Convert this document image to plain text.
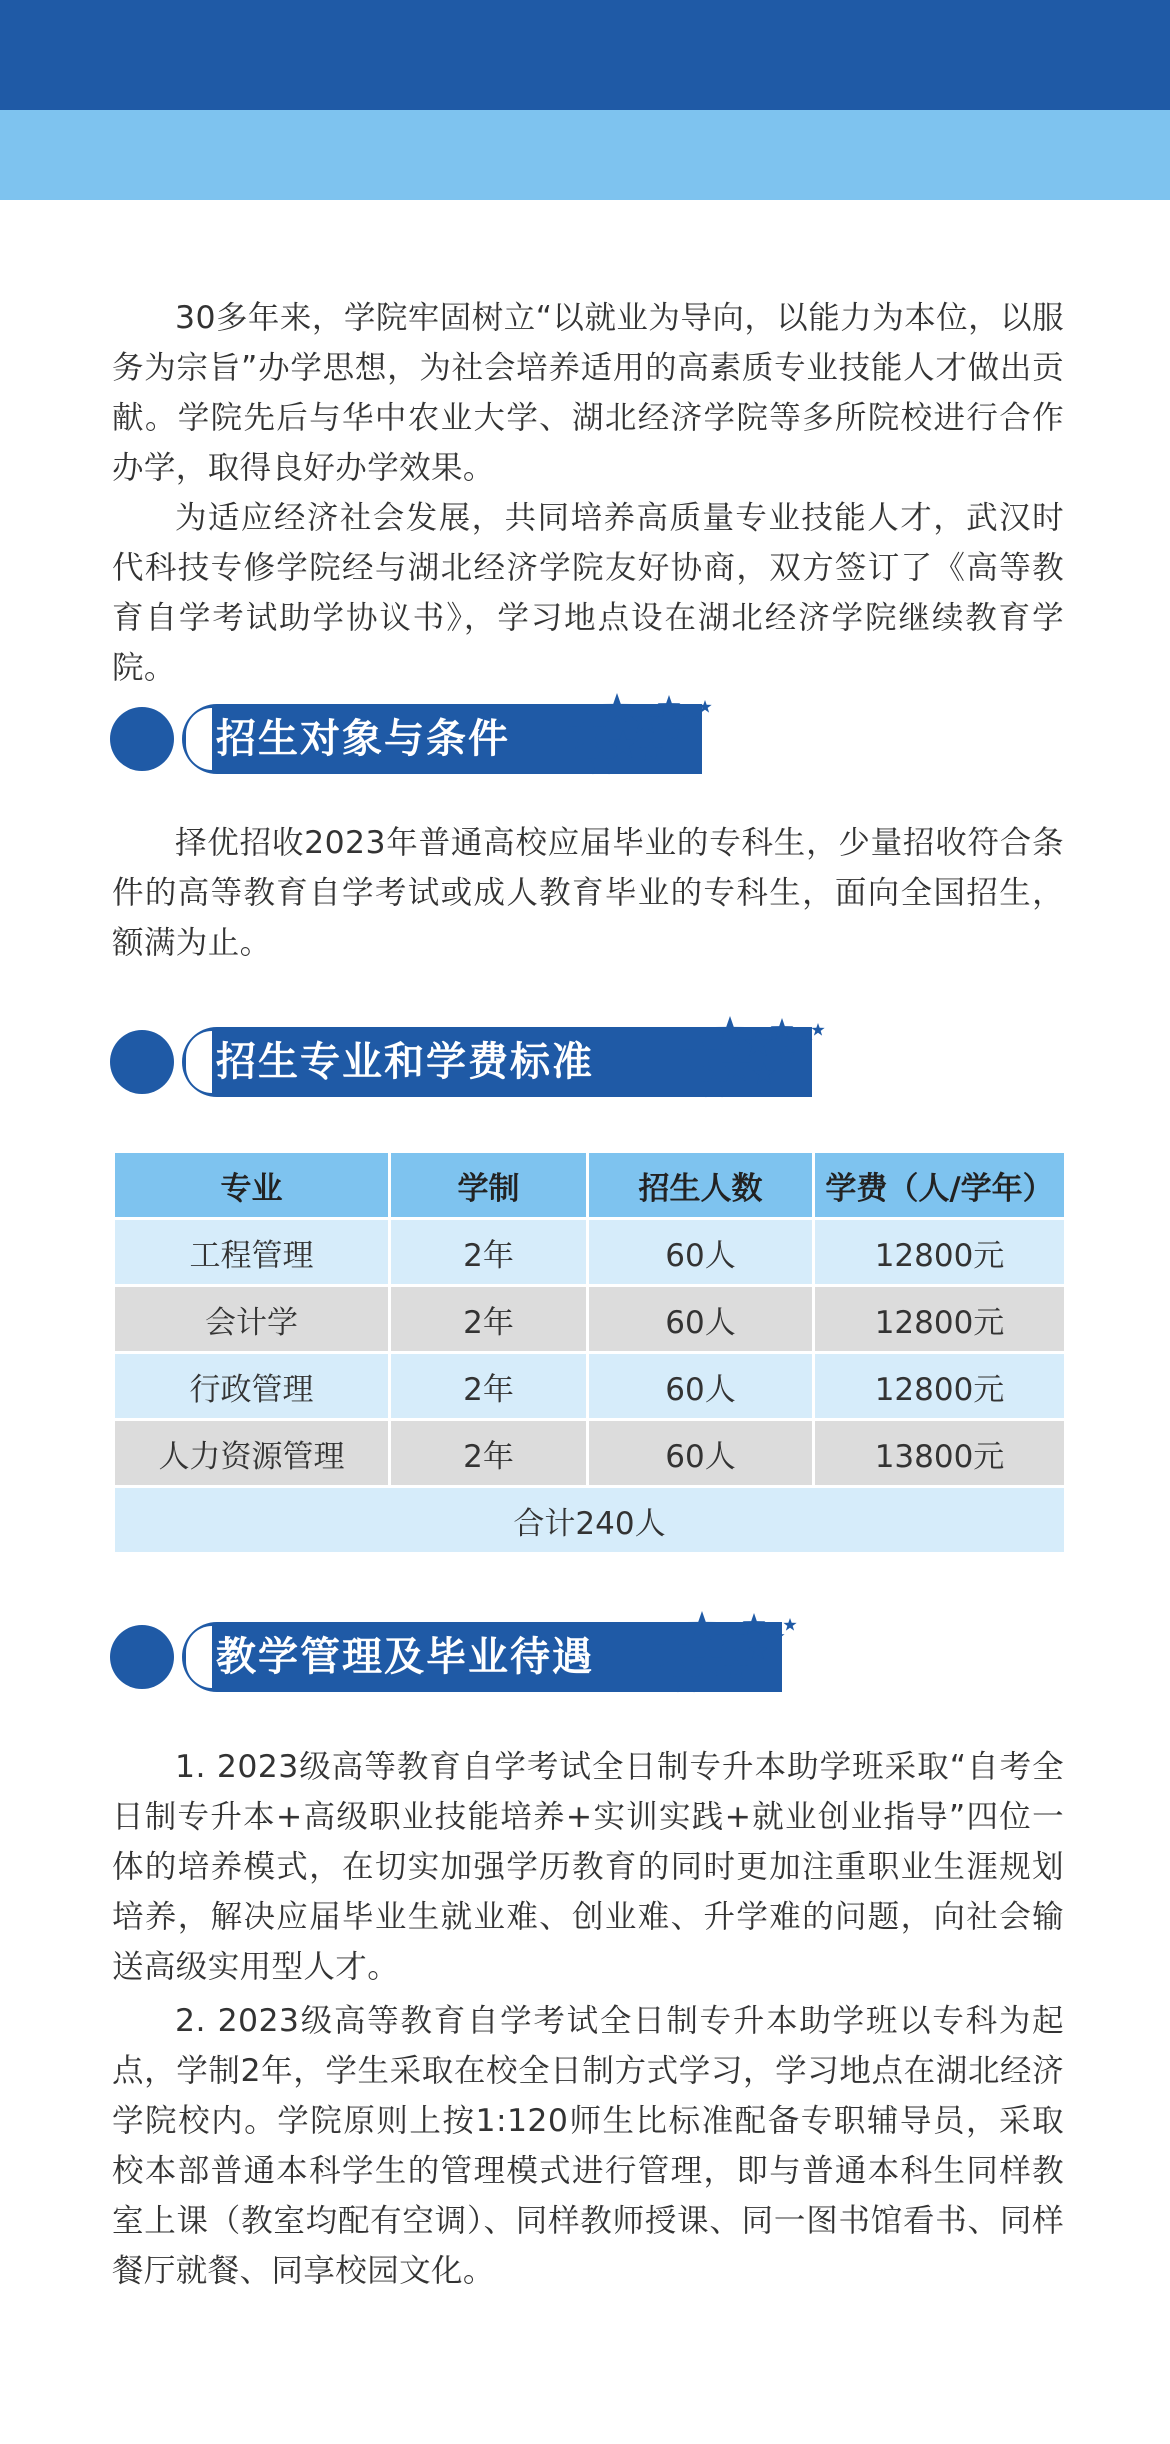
30多年来，学院牢固树立“以就业为导向，以能力为本位，以服务为宗旨”办学思想，为社会培养适用的高素质专业技能人才做出贡献。学院先后与华中农业大学、湖北经济学院等多所院校进行合作办学，取得良好办学效果。

为适应经济社会发展，共同培养高质量专业技能人才，武汉时代科技专修学院经与湖北经济学院友好协商，双方签订了《高等教育自学考试助学协议书》，学习地点设在湖北经济学院继续教育学院。

招生对象与条件

择优招收2023年普通高校应届毕业的专科生，少量招收符合条件的高等教育自学考试或成人教育毕业的专科生，面向全国招生，额满为止。

招生专业和学费标准
专业	学制	招生人数	学费（人/学年）
工程管理	2年	60人	12800元
会计学	2年	60人	12800元
行政管理	2年	60人	12800元
人力资源管理	2年	60人	13800元
合计240人			
教学管理及毕业待遇

1. 2023级高等教育自学考试全日制专升本助学班采取“自考全日制专升本+高级职业技能培养+实训实践+就业创业指导”四位一体的培养模式，在切实加强学历教育的同时更加注重职业生涯规划培养，解决应届毕业生就业难、创业难、升学难的问题，向社会输送高级实用型人才。

2. 2023级高等教育自学考试全日制专升本助学班以专科为起点，学制2年，学生采取在校全日制方式学习，学习地点在湖北经济学院校内。学院原则上按1:120师生比标准配备专职辅导员，采取校本部普通本科学生的管理模式进行管理，即与普通本科生同样教室上课（教室均配有空调）、同样教师授课、同一图书馆看书、同样餐厅就餐、同享校园文化。
